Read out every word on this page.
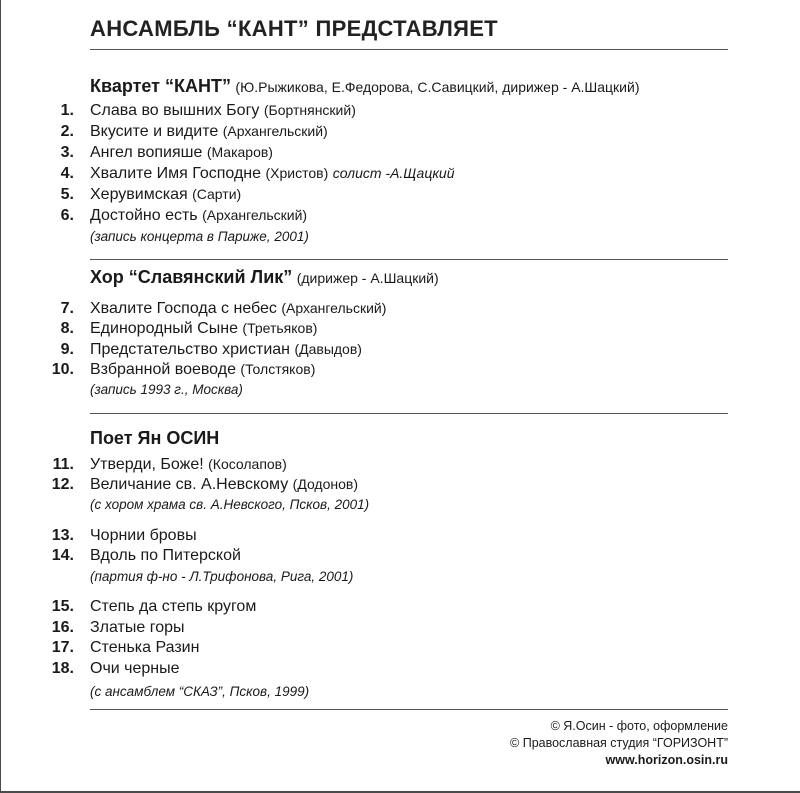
АНСАМБЛЬ “КАНТ” ПРЕДСТАВЛЯЕТ
Квартет “КАНТ” (Ю.Рыжикова, Е.Федорова, С.Савицкий, дирижер - А.Шацкий)
1. Слава во вышних Богу (Бортнянский)
2. Вкусите и видите (Архангельский)
3. Ангел вопияше (Макаров)
4. Хвалите Имя Господне (Христов) солист -А.Щацкий
5. Херувимская (Сарти)
6. Достойно есть (Архангельский)
(запись концерта в Париже, 2001)
Хор “Славянский Лик” (дирижер - А.Шацкий)
7. Хвалите Господа с небес (Архангельский)
8. Единородный Сыне (Третьяков)
9. Предстательство христиан (Давыдов)
10. Взбранной воеводе (Толстяков)
(запись 1993 г., Москва)
Поет Ян ОСИН
11. Утверди, Боже! (Косолапов)
12. Величание св. А.Невскому (Додонов)
(с хором храма св. А.Невского, Псков, 2001)
13. Чорнии бровы
14. Вдоль по Питерской
(партия ф-но - Л.Трифонова, Рига, 2001)
15. Степь да степь кругом
16. Златые горы
17. Стенька Разин
18. Очи черные
(с ансамблем “СКАЗ”, Псков, 1999)
© Я.Осин - фото, оформление
© Православная студия “ГОРИЗОНТ”
www.horizon.osin.ru
